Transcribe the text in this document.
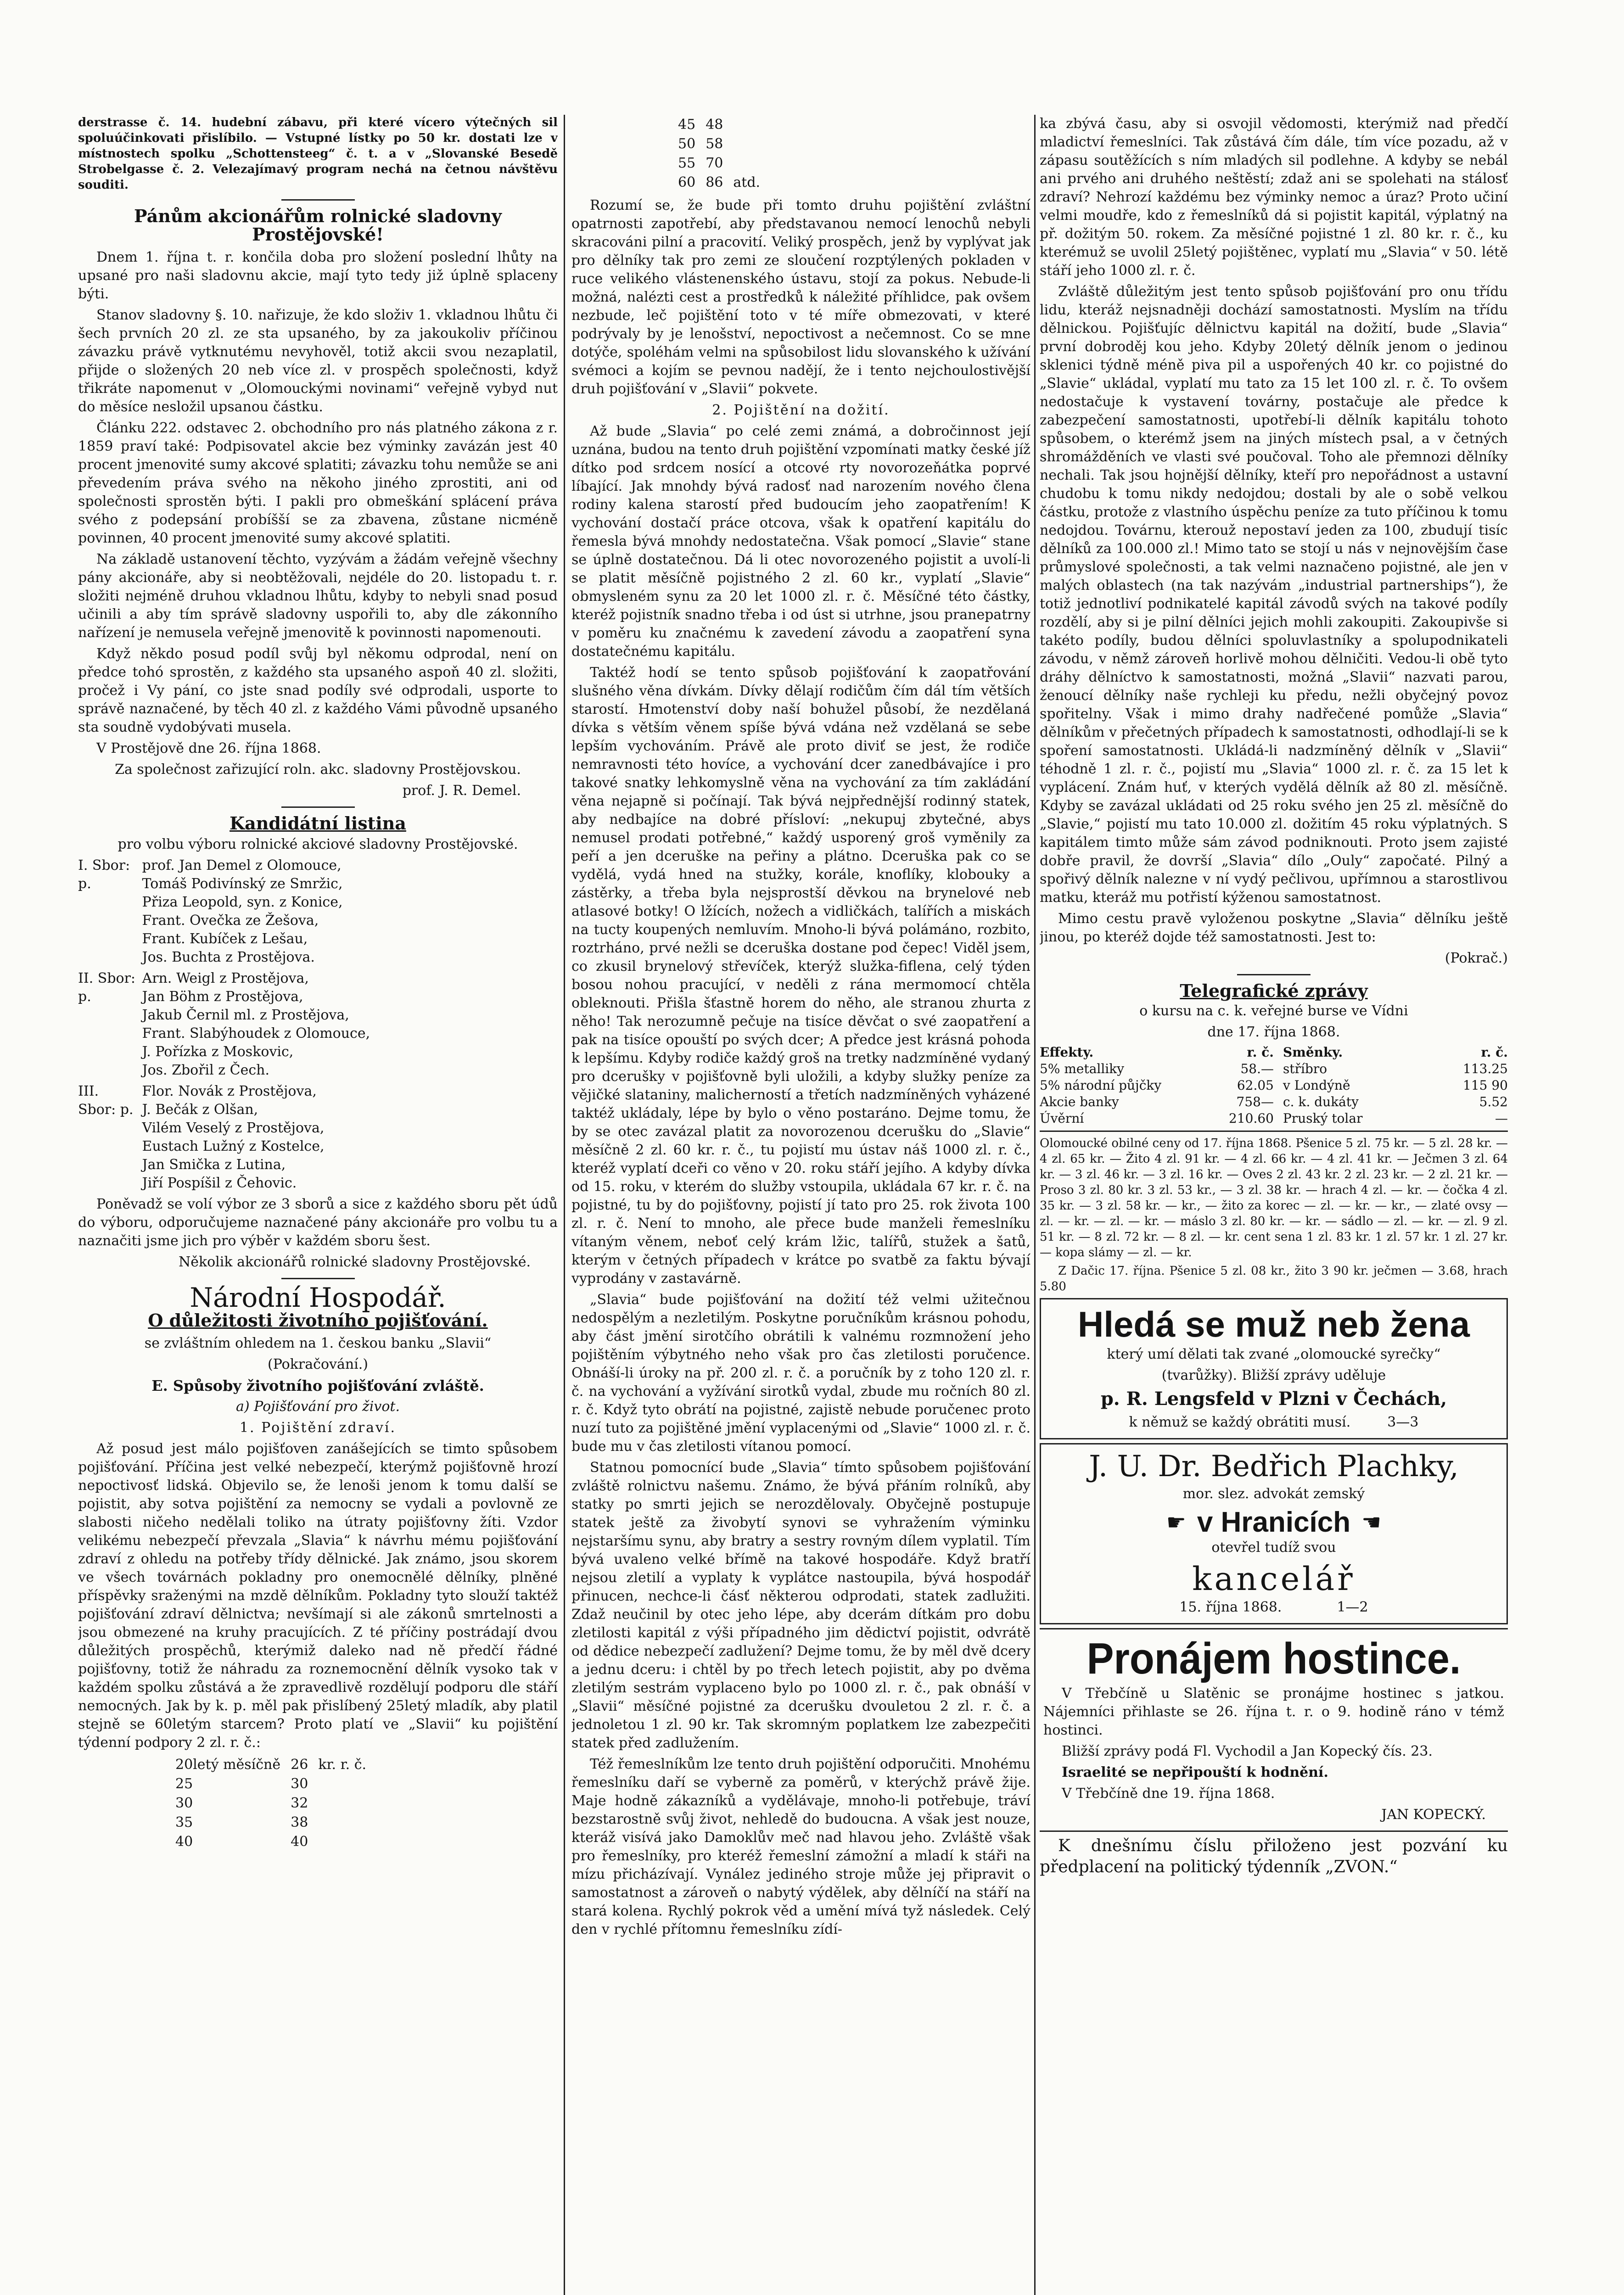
derstrasse č. 14. hudební zábavu, při které vícero výtečných sil spoluúčinkovati přislíbilo. — Vstupné lístky po 50 kr. dostati lze v místnostech spolku „Schottensteeg“ č. t. a v „Slovanské Besedě Strobelgasse č. 2. Velezajímavý program nechá na četnou návštěvu souditi.

Pánům akcionářům rolnické sladovny Prostějovské!

Dnem 1. října t. r. končila doba pro složení poslední lhůty na upsané pro naši sladovnu akcie, mají tyto tedy již úplně splaceny býti.

Stanov sladovny §. 10. nařizuje, že kdo složiv 1. vkladnou lhůtu či šech prvních 20 zl. ze sta upsaného, by za jakoukoliv příčinou závazku právě vytknutému nevyhověl, totiž akcii svou nezaplatil, přijde o složených 20 neb více zl. v prospěch společnosti, když třikráte napomenut v „Olomouckými novinami“ veřejně vybyd nut do měsíce nesložil upsanou částku.

Článku 222. odstavec 2. obchodního pro nás platného zákona z r. 1859 praví také: Podpisovatel akcie bez výminky zavázán jest 40 procent jmenovité sumy akcové splatiti; závazku tohu nemůže se ani převedením práva svého na někoho jiného zprostiti, ani od společnosti sprostěn býti. I pakli pro obmeškání splácení práva svého z podepsání probíšší se za zbavena, zůstane nicméně povinnen, 40 procent jmenovité sumy akcové splatiti.

Na základě ustanovení těchto, vyzývám a žádám veřejně všechny pány akcionáře, aby si neobtěžovali, nejdéle do 20. listopadu t. r. složiti nejméně druhou vkladnou lhůtu, kdyby to nebyli snad posud učinili a aby tím správě sladovny uspořili to, aby dle zákonního nařízení je nemusela veřejně jmenovitě k povinnosti napomenouti.

Když někdo posud podíl svůj byl někomu odprodal, není on předce tohó sprostěn, z každého sta upsaného aspoň 40 zl. složiti, pročež i Vy pání, co jste snad podíly své odprodali, usporte to správě naznačené, by těch 40 zl. z každého Vámi původně upsaného sta soudně vydobývati musela.

V Prostějově dne 26. října 1868.

Za společnost zařizující roln. akc. sladovny Prostějovskou.

prof. J. R. Demel.

Kandidátní listina

pro volbu výboru rolnické akciové sladovny Prostějovské.

I. Sbor: p.
prof. Jan Demel z Olomouce,
Tomáš Podivínský ze Smržic,
Přiza Leopold, syn. z Konice,
Frant. Ovečka ze Žešova,
Frant. Kubíček z Lešau,
Jos. Buchta z Prostějova.
II. Sbor: p.
Arn. Weigl z Prostějova,
Jan Böhm z Prostějova,
Jakub Černil ml. z Prostějova,
Frant. Slabýhoudek z Olomouce,
J. Pořízka z Moskovic,
Jos. Zbořil z Čech.
III. Sbor: p.
Flor. Novák z Prostějova,
J. Bečák z Olšan,
Vilém Veselý z Prostějova,
Eustach Lužný z Kostelce,
Jan Smička z Lutina,
Jiří Pospíšil z Čehovic.

Poněvadž se volí výbor ze 3 sborů a sice z každého sboru pět údů do výboru, odporučujeme naznačené pány akcionáře pro volbu tu a naznačiti jsme jich pro výběr v každém sboru šest.

Několik akcionářů rolnické sladovny Prostějovské.

Národní Hospodář.

O důležitosti životního pojišťování.

se zvláštním ohledem na 1. českou banku „Slavii“

(Pokračování.)

E. Spůsoby životního pojišťování zvláště.

a) Pojišťování pro život.

1. Pojištění zdraví.

Až posud jest málo pojišťoven zanášejících se timto spůsobem pojišťování. Příčina jest velké nebezpečí, kterýmž pojišťovně hrozí nepoctivosť lidská. Objevilo se, že lenoši jenom k tomu další se pojistit, aby sotva pojištění za nemocny se vydali a povlovně ze slabosti ničeho nedělali toliko na útraty pojišťovny žíti. Vzdor velikému nebezpečí převzala „Slavia“ k návrhu mému pojišťování zdraví z ohledu na potřeby třídy dělnické. Jak známo, jsou skorem ve všech továrnách pokladny pro onemocnělé dělníky, plněné příspěvky sraženými na mzdě dělníkům. Pokladny tyto slouží taktéž pojišťování zdraví dělnictva; nevšímají si ale zákonů smrtelnosti a jsou obmezené na kruhy pracujících. Z té příčiny postrádají dvou důležitých prospěchů, kterýmiž daleko nad ně předčí řádné pojišťovny, totiž že náhradu za roznemocnění dělník vysoko tak v každém spolku zůstává a že zpravedlivě rozdělují podporu dle stáří nemocných. Jak by k. p. měl pak přislíbený 25letý mladík, aby platil stejně se 60letým starcem? Proto platí ve „Slavii“ ku pojištění týdenní podpory 2 zl. r. č.:

20letý měsíčně	26	kr. r. č.
25	30	
30	32	
35	38	
40	40	
45	48	
50	58	
55	70	
60	86	atd.

Rozumí se, že bude při tomto druhu pojištění zvláštní opatrnosti zapotřebí, aby představanou nemocí lenochů nebyli skracováni pilní a pracovití. Veliký prospěch, jenž by vyplývat jak pro dělníky tak pro zemi ze sloučení rozptýlených pokladen v ruce velikého vlástenenského ústavu, stojí za pokus. Nebude-li možná, nalézti cest a prostředků k náležité příhlidce, pak ovšem nezbude, leč pojištění toto v té míře obmezovati, v které podrývaly by je lenošství, nepoctivost a nečemnost. Co se mne dotýče, spoléhám velmi na spůsobilost lidu slovanského k užívání svémoci a kojím se pevnou nadějí, že i tento nejchoulostivější druh pojišťování v „Slavii“ pokvete.

2. Pojištění na dožití.

Až bude „Slavia“ po celé zemi známá, a dobročinnost její uznána, budou na tento druh pojištění vzpomínati matky české jíž dítko pod srdcem nosící a otcové rty novorozeňátka poprvé líbající. Jak mnohdy bývá radosť nad narozením nového člena rodiny kalena starostí před budoucím jeho zaopatřením! K vychování dostačí práce otcova, však k opatření kapitálu do řemesla bývá mnohdy nedostatečna. Však pomocí „Slavie“ stane se úplně dostatečnou. Dá li otec novorozeného pojistit a uvolí-li se platit měsíčně pojistného 2 zl. 60 kr., vyplatí „Slavie“ obmysleném synu za 20 let 1000 zl. r. č. Měsíčné této částky, kteréž pojistník snadno třeba i od úst si utrhne, jsou pranepatrny v poměru ku značnému k zavedení závodu a zaopatření syna dostatečnému kapitálu.

Taktéž hodí se tento spůsob pojišťování k zaopatřování slušného věna dívkám. Dívky dělají rodičům čím dál tím větších starostí. Hmotenství doby naší bohužel působí, že nezdělaná dívka s větším věnem spíše bývá vdána než vzdělaná se sebe lepším vychováním. Právě ale proto diviť se jest, že rodiče nemravnosti této hovíce, a vychování dcer zanedbávajíce i pro takové snatky lehkomyslně věna na vychování za tím zakládání věna nejapně si počínají. Tak bývá nejpřednější rodinný statek, aby nedbajíce na dobré přísloví: „nekupuj zbytečné, abys nemusel prodati potřebné,“ každý usporený groš vyměnily za peří a jen dceruške na peřiny a plátno. Dceruška pak co se vydělá, vydá hned na stužky, korále, knoflíky, klobouky a zástěrky, a třeba byla nejsprostší děvkou na brynelové neb atlasové botky! O lžících, nožech a vidličkách, talířích a miskách na tucty koupených nemluvím. Mnoho-li bývá polámáno, rozbito, roztrháno, prvé nežli se dceruška dostane pod čepec! Viděl jsem, co zkusil brynelový střevíček, kterýž služka-fiflena, celý týden bosou nohou pracující, v neděli z rána mermomocí chtěla obleknouti. Přišla šťastně horem do něho, ale stranou zhurta z něho! Tak nerozumně pečuje na tisíce děvčat o své zaopatření a pak na tisíce opouští po svých dcer; A předce jest krásná pohoda k lepšímu. Kdyby rodiče každý groš na tretky nadzmíněné vydaný pro dcerušky v pojišťovně byli uložili, a kdyby služky peníze za vějičké slataniny, malicherností a třetích nadzmíněných vyházené taktéž ukládaly, lépe by bylo o věno postaráno. Dejme tomu, že by se otec zavázal platit za novorozenou dcerušku do „Slavie“ měsíčně 2 zl. 60 kr. r. č., tu pojistí mu ústav náš 1000 zl. r. č., kteréž vyplatí dceři co věno v 20. roku stáří jejího. A kdyby dívka od 15. roku, v kterém do služby vstoupila, ukládala 67 kr. r. č. na pojistné, tu by do pojišťovny, pojistí jí tato pro 25. rok života 100 zl. r. č. Není to mnoho, ale přece bude manželi řemeslníku vítaným věnem, neboť celý krám lžic, talířů, stužek a šatů, kterým v četných případech v krátce po svatbě za faktu bývají vyprodány v zastavárně.

„Slavia“ bude pojišťování na dožití též velmi užitečnou nedospělým a nezletilým. Poskytne poručníkům krásnou pohodu, aby část jmění sirotčího obrátili k valnému rozmnožení jeho pojištěním výbytného neho však pro čas zletilosti poručence. Obnáší-li úroky na př. 200 zl. r. č. a poručník by z toho 120 zl. r. č. na vychování a vyžívání sirotků vydal, zbude mu ročních 80 zl. r. č. Když tyto obrátí na pojistné, zajistě nebude poručenec proto nuzí tuto za pojištěné jmění vyplacenými od „Slavie“ 1000 zl. r. č. bude mu v čas zletilosti vítanou pomocí.

Statnou pomocnící bude „Slavia“ tímto spůsobem pojišťování zvláště rolnictvu našemu. Známo, že bývá přáním rolníků, aby statky po smrti jejich se nerozdělovaly. Obyčejně postupuje statek ještě za živobytí synovi se vyhražením výminku nejstaršímu synu, aby bratry a sestry rovným dílem vyplatil. Tím bývá uvaleno velké břímě na takové hospodáře. Když bratří nejsou zletilí a vyplaty k vyplátce nastoupila, bývá hospodář přinucen, nechce-li čásť některou odprodati, statek zadlužiti. Zdaž neučinil by otec jeho lépe, aby dcerám dítkám pro dobu zletilosti kapitál z výši případného jim dědictví pojistit, odvrátě od dědice nebezpečí zadlužení? Dejme tomu, že by měl dvě dcery a jednu dceru: i chtěl by po třech letech pojistit, aby po dvěma zletilým sestrám vyplaceno bylo po 1000 zl. r. č., pak obnáší v „Slavii“ měsíčné pojistné za dcerušku dvouletou 2 zl. r. č. a jednoletou 1 zl. 90 kr. Tak skromným poplatkem lze zabezpečiti statek před zadlužením.

Též řemeslníkům lze tento druh pojištění odporučiti. Mnohému řemeslníku daří se vyberně za poměrů, v kterýchž právě žije. Maje hodně zákazníků a vydělávaje, mnoho-li potřebuje, tráví bezstarostně svůj život, nehledě do budoucna. A však jest nouze, kteráž visívá jako Damoklův meč nad hlavou jeho. Zvláště však pro řemeslníky, pro kteréž řemeslní zámožní a mladí k stáři na mízu přicházívají. Vynález jediného stroje může jej připravit o samostatnost a zároveň o nabytý výdělek, aby dělníčí na stáří na stará kolena. Rychlý pokrok věd a umění mívá tyž následek. Celý den v rychlé přítomnu řemeslníku zídí-

ka zbývá času, aby si osvojil vědomosti, kterýmiž nad předčí mladictví řemeslníci. Tak zůstává čím dále, tím více pozadu, až v zápasu soutěžících s ním mladých sil podlehne. A kdyby se nebál ani prvého ani druhého neštěstí; zdaž ani se spolehati na stálosť zdraví? Nehrozí každému bez výminky nemoc a úraz? Proto učiní velmi moudře, kdo z řemeslníků dá si pojistit kapitál, výplatný na př. dožitým 50. rokem. Za měsíčné pojistné 1 zl. 80 kr. r. č., ku kterémuž se uvolil 25letý pojištěnec, vyplatí mu „Slavia“ v 50. létě stáří jeho 1000 zl. r. č.

Zvláště důležitým jest tento spůsob pojišťování pro onu třídu lidu, kteráž nejsnadněji dochází samostatnosti. Myslím na třídu dělnickou. Pojišťujíc dělnictvu kapitál na dožití, bude „Slavia“ první dobroděj kou jeho. Kdyby 20letý dělník jenom o jedinou sklenici týdně méně piva pil a uspořených 40 kr. co pojistné do „Slavie“ ukládal, vyplatí mu tato za 15 let 100 zl. r. č. To ovšem nedostačuje k vystavení továrny, postačuje ale předce k zabezpečení samostatnosti, upotřebí-li dělník kapitálu tohoto spůsobem, o kterémž jsem na jiných místech psal, a v četných shromážděních ve vlasti své poučoval. Toho ale přemnozi dělníky nechali. Tak jsou hojnější dělníky, kteří pro nepořádnost a ustavní chudobu k tomu nikdy nedojdou; dostali by ale o sobě velkou částku, protože z vlastního úspěchu peníze za tuto příčinou k tomu nedojdou. Továrnu, kterouž nepostaví jeden za 100, zbudují tisíc dělníků za 100.000 zl.! Mimo tato se stojí u nás v nejnovějším čase průmyslové společnosti, a tak velmi naznačeno pojistné, ale jen v malých oblastech (na tak nazývám „industrial partnerships“), že totiž jednotliví podnikatelé kapitál závodů svých na takové podíly rozdělí, aby si je pilní dělníci jejich mohli zakoupiti. Zakoupivše si takéto podíly, budou dělníci spoluvlastníky a spolupodnikateli závodu, v němž zároveň horlivě mohou dělničiti. Vedou-li obě tyto dráhy dělníctvo k samostatnosti, možná „Slavii“ nazvati parou, ženoucí dělníky naše rychleji ku předu, nežli obyčejný povoz spořitelny. Však i mimo drahy nadřečené pomůže „Slavia“ dělníkům v přečetných případech k samostatnosti, odhodlají-li se k spoření samostatnosti. Ukládá-li nadzmíněný dělník v „Slavii“ téhodně 1 zl. r. č., pojistí mu „Slavia“ 1000 zl. r. č. za 15 let k vyplácení. Znám huť, v kterých vydělá dělník až 80 zl. měsíčně. Kdyby se zavázal ukládati od 25 roku svého jen 25 zl. měsíčně do „Slavie,“ pojistí mu tato 10.000 zl. dožitím 45 roku výplatných. S kapitálem timto může sám závod podniknouti. Proto jsem zajisté dobře pravil, že dovrší „Slavia“ dílo „Ouly“ započaté. Pilný a spořivý dělník nalezne v ní vydý pečlivou, upřímnou a starostlivou matku, kteráž mu potřistí kýženou samostatnost.

Mimo cestu pravě vyloženou poskytne „Slavia“ dělníku ještě jinou, po kteréž dojde též samostatnosti. Jest to:

(Pokrač.)

Telegrafické zprávy

o kursu na c. k. veřejné burse ve Vídni

dne 17. října 1868.

Effekty.	r. č. Směnky.	r. č.
5% metalliky	58.— stříbro	113.25
5% národní půjčky	62.05 v Londýně	115 90
Akcie banky	758— c. k. dukáty	5.52
Úvěrní	210.60 Pruský tolar	—

Olomoucké obilné ceny od 17. října 1868. Pšenice 5 zl. 75 kr. — 5 zl. 28 kr. — 4 zl. 65 kr. — Žito 4 zl. 91 kr. — 4 zl. 66 kr. — 4 zl. 41 kr. — Ječmen 3 zl. 64 kr. — 3 zl. 46 kr. — 3 zl. 16 kr. — Oves 2 zl. 43 kr. 2 zl. 23 kr. — 2 zl. 21 kr. — Proso 3 zl. 80 kr. 3 zl. 53 kr., — 3 zl. 38 kr. — hrach 4 zl. — kr. — čočka 4 zl. 35 kr. — 3 zl. 58 kr. — kr., — žito za korec — zl. — kr. — kr., — zlaté ovsy — zl. — kr. — zl. — kr. — máslo 3 zl. 80 kr. — kr. — sádlo — zl. — kr. — zl. 9 zl. 51 kr. — 8 zl. 72 kr. — 8 zl. — kr. cent sena 1 zl. 83 kr. 1 zl. 57 kr. 1 zl. 27 kr. — kopa slámy — zl. — kr.

Z Dačic 17. října. Pšenice 5 zl. 08 kr., žito 3 90 kr. ječmen — 3.68, hrach 5.80

Hledá se muž neb žena

který umí dělati tak zvané „olomoucké syrečky“

(tvarůžky). Bližší zprávy uděluje

p. R. Lengsfeld v Plzni v Čechách,

k němuž se každý obrátiti musí.	3—3

J. U. Dr. Bedřich Plachky,

mor. slez. advokát zemský

☛ v Hranicích ☚

otevřel tudíž svou

kancelář

15. října 1868.	1—2

Pronájem hostince.

V Třebčíně u Slatěnic se pronájme hostinec s jatkou. Nájemníci přihlaste se 26. října t. r. o 9. hodině ráno v témž hostinci.

Bližší zprávy podá Fl. Vychodil a Jan Kopecký čís. 23.

Israelité se nepřipouští k hodnění.

V Třebčíně dne 19. října 1868.

JAN KOPECKÝ.

K dnešnímu číslu přiloženo jest pozvání ku předplacení na politický týdenník „ZVON.“
